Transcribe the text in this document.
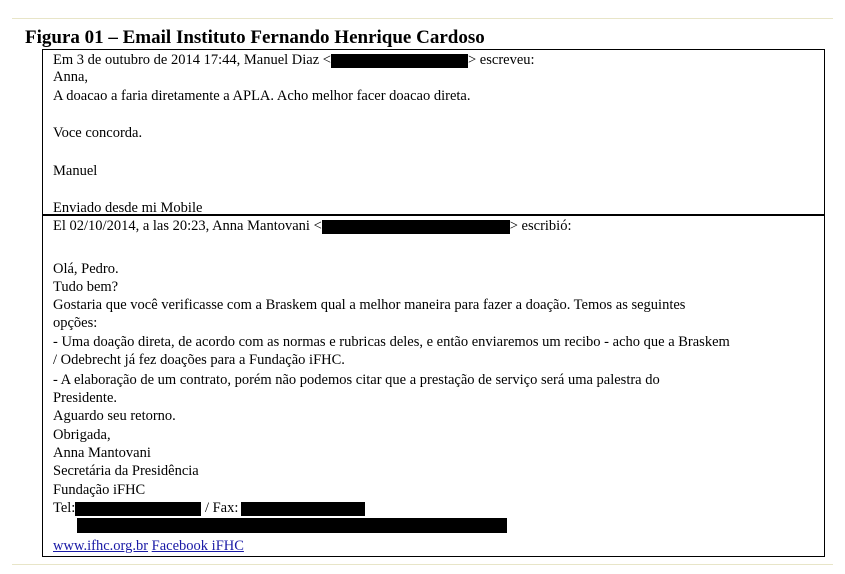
Figura 01 – Email Instituto Fernando Henrique Cardoso
Em 3 de outubro de 2014 17:44, Manuel Diaz <	> escreveu:
Anna,
A doacao a faria diretamente a APLA. Acho melhor facer doacao direta.
Voce concorda.
Manuel
Enviado desde mi Mobile
El 02/10/2014, a las 20:23, Anna Mantovani <	> escribió:
Olá, Pedro.
Tudo bem?
Gostaria que você verificasse com a Braskem qual a melhor maneira para fazer a doação. Temos as seguintes
opções:
- Uma doação direta, de acordo com as normas e rubricas deles, e então enviaremos um recibo - acho que a Braskem
/ Odebrecht já fez doações para a Fundação iFHC.
- A elaboração de um contrato, porém não podemos citar que a prestação de serviço será uma palestra do
Presidente.
Aguardo seu retorno.
Obrigada,
Anna Mantovani
Secretária da Presidência
Fundação iFHC
Tel:	/ Fax:
www.ifhc.org.br Facebook iFHC
